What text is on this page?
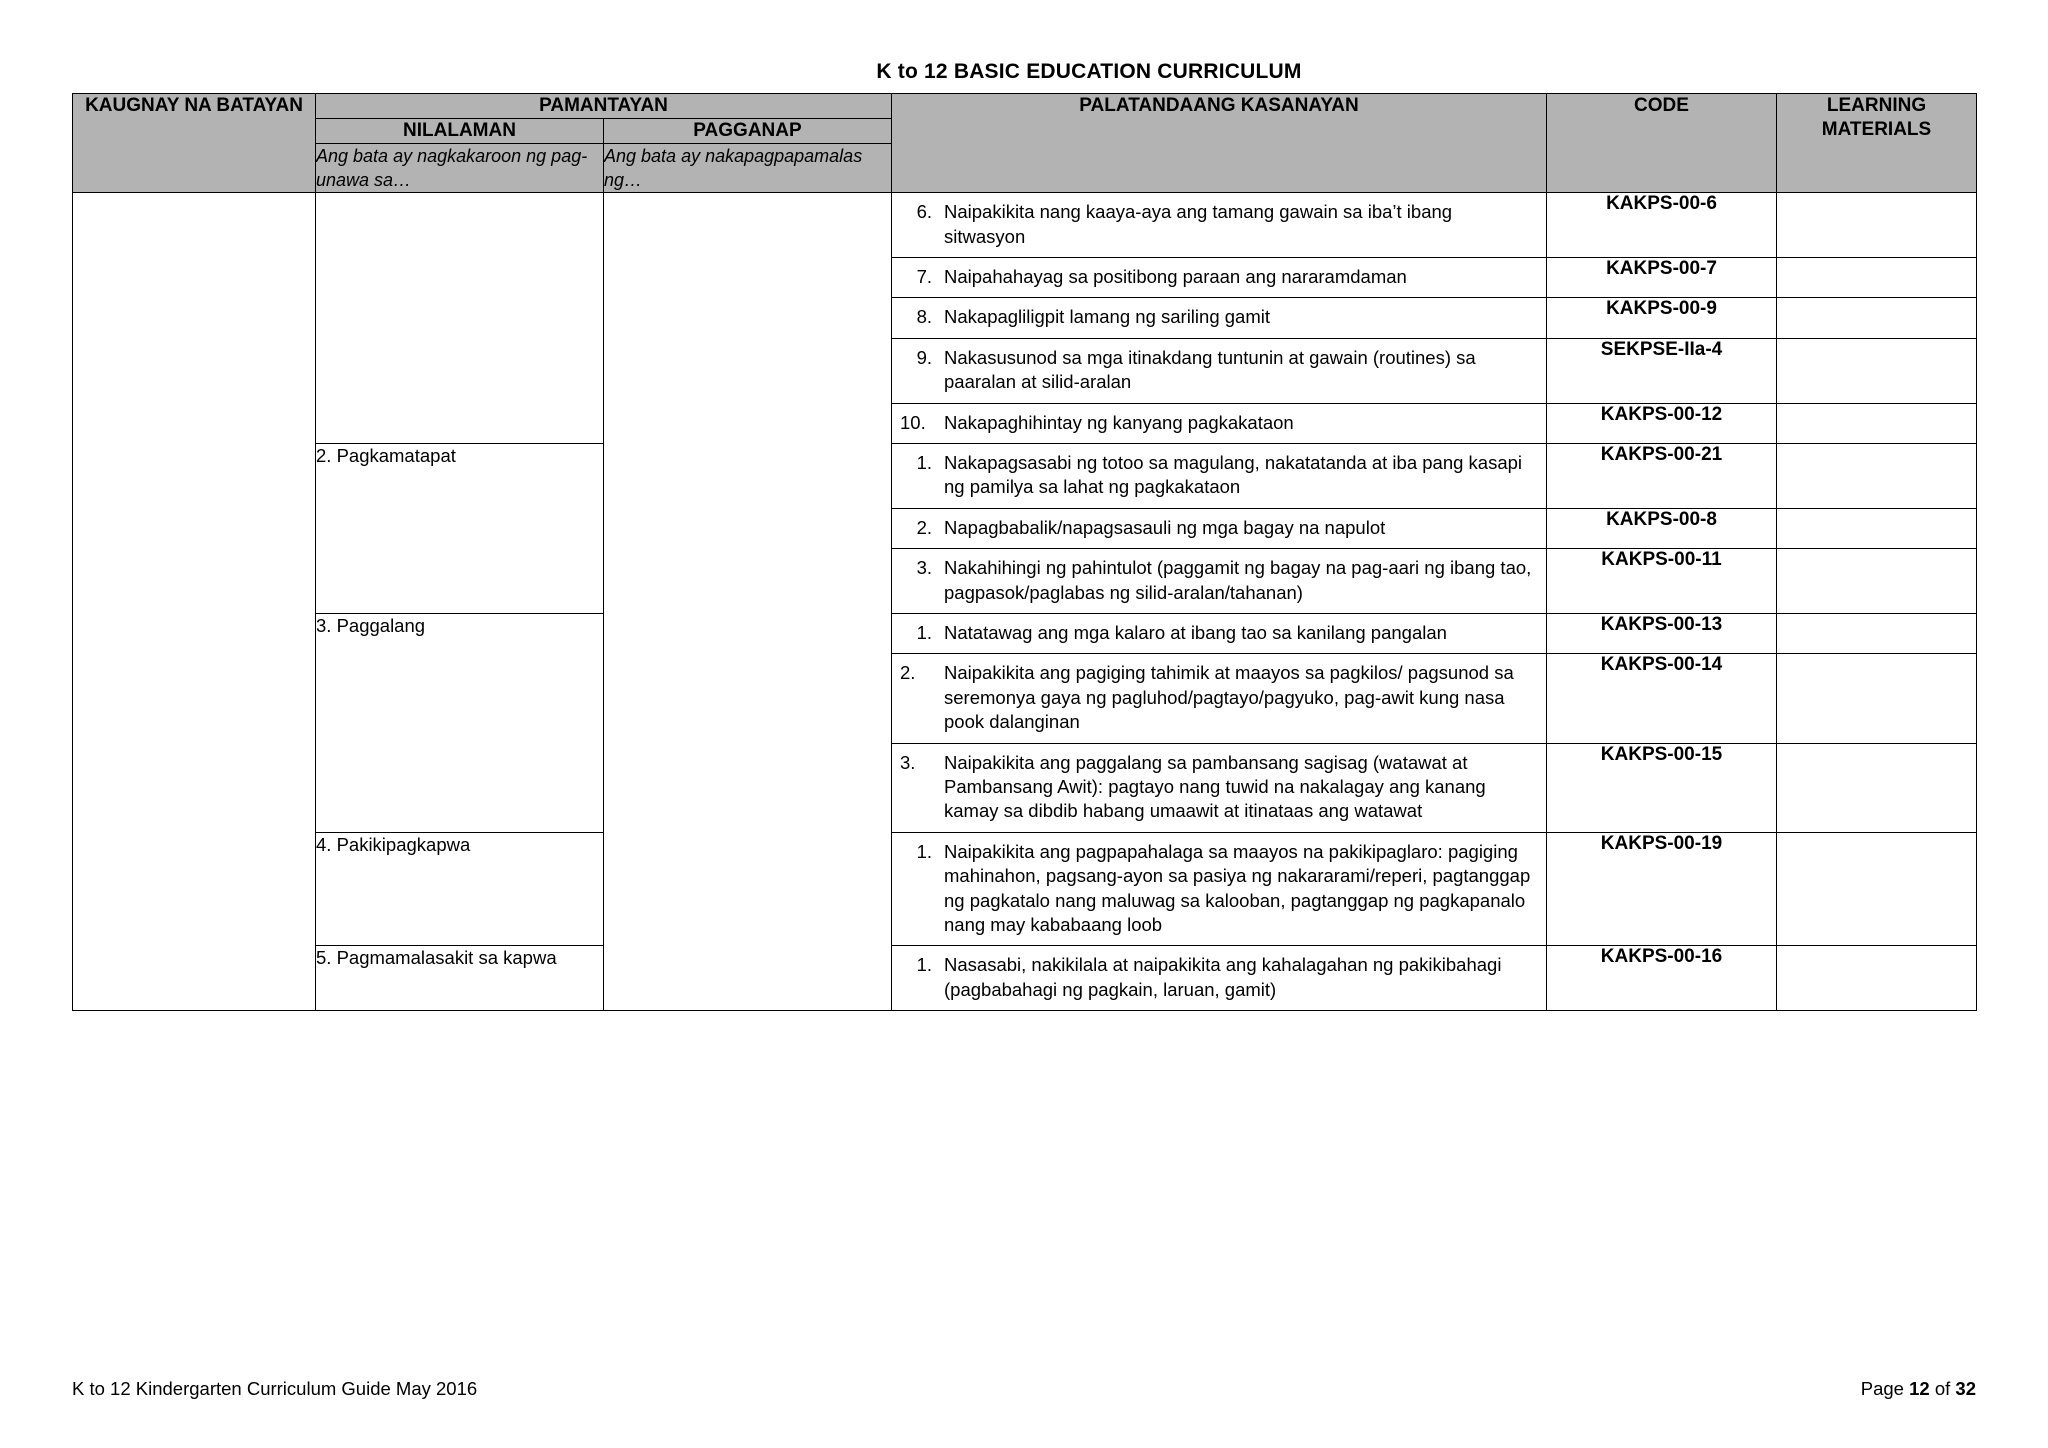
K to 12 BASIC EDUCATION CURRICULUM
KAUGNAY NA BATAYAN	PAMANTAYAN		PALATANDAANG KASANAYAN	CODE	LEARNING MATERIALS
	NILALAMAN	PAGGANAP			
	Ang bata ay nagkakaroon ng pag-unawa sa…	Ang bata ay nakapagpapamalas ng…			

			6. Naipakikita nang kaaya-aya ang tamang gawain sa iba’t ibang sitwasyon	KAKPS-00-6	

			7. Naipahahayag sa positibong paraan ang nararamdaman	KAKPS-00-7	

			8. Nakapagliligpit lamang ng sariling gamit	KAKPS-00-9	

			9. Nakasusunod sa mga itinakdang tuntunin at gawain (routines) sa paaralan at silid-aralan	SEKPSE-IIa-4	

			10. Nakapaghihintay ng kanyang pagkakataon	KAKPS-00-12	
	2. Pagkamatapat		1. Nakapagsasabi ng totoo sa magulang, nakatatanda at iba pang kasapi ng pamilya sa lahat ng pagkakataon	KAKPS-00-21	

			2. Napagbabalik/napagsasauli ng mga bagay na napulot	KAKPS-00-8	

			3. Nakahihingi ng pahintulot (paggamit ng bagay na pag-aari ng ibang tao, pagpasok/paglabas ng silid-aralan/tahanan)	KAKPS-00-11	
	3. Paggalang		1. Natatawag ang mga kalaro at ibang tao sa kanilang pangalan	KAKPS-00-13	

			2. Naipakikita ang pagiging tahimik at maayos sa pagkilos/ pagsunod sa seremonya gaya ng pagluhod/pagtayo/pagyuko, pag-awit kung nasa pook dalanginan	KAKPS-00-14	

			3. Naipakikita ang paggalang sa pambansang sagisag (watawat at Pambansang Awit): pagtayo nang tuwid na nakalagay ang kanang kamay sa dibdib habang umaawit at itinataas ang watawat	KAKPS-00-15	
	4. Pakikipagkapwa		1. Naipakikita ang pagpapahalaga sa maayos na pakikipaglaro: pagiging mahinahon, pagsang-ayon sa pasiya ng nakararami/reperi, pagtanggap ng pagkatalo nang maluwag sa kalooban, pagtanggap ng pagkapanalo nang may kababaang loob	KAKPS-00-19	
	5. Pagmamalasakit sa kapwa		1. Nasasabi, nakikilala at naipakikita ang kahalagahan ng pakikibahagi (pagbabahagi ng pagkain, laruan, gamit)	KAKPS-00-16	
K to 12 Kindergarten Curriculum Guide May 2016	Page 12 of 32
